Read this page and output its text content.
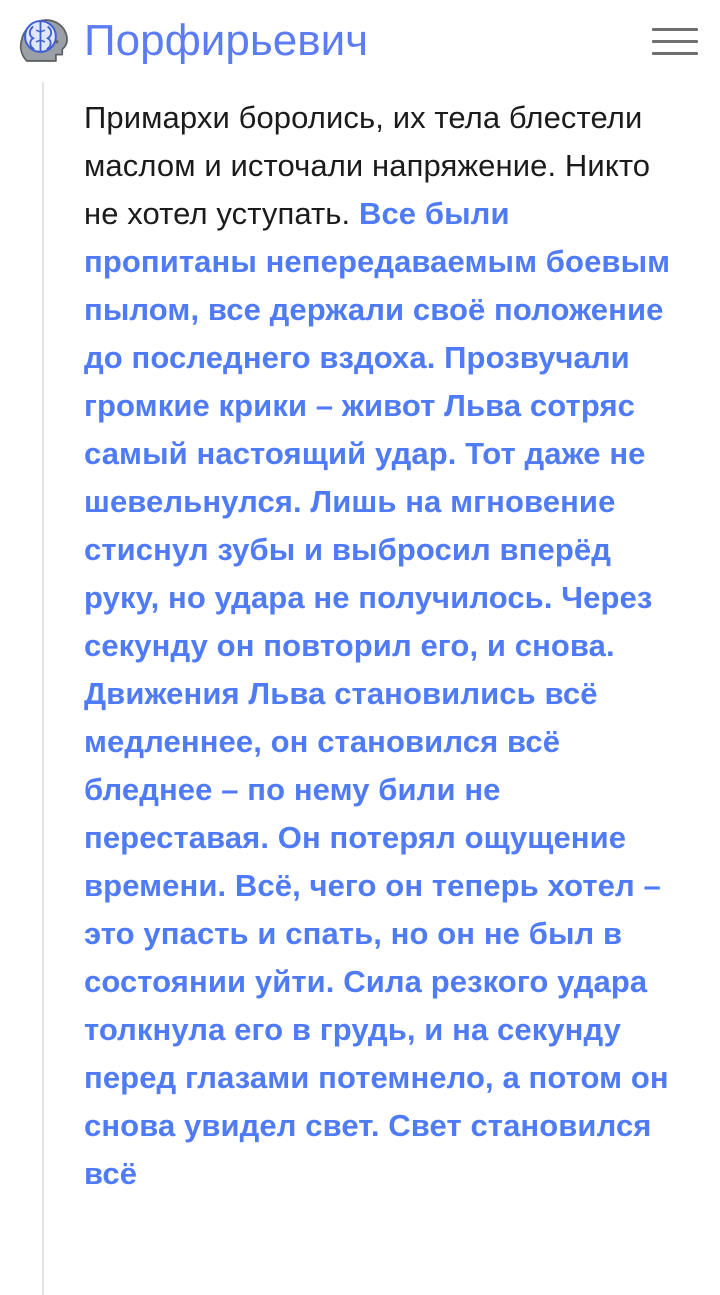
Порфирьевич
Примархи боролись, их тела блестели маслом и источали напряжение. Никто не хотел уступать. Все были пропитаны непередаваемым боевым пылом, все держали своё положение до последнего вздоха. Прозвучали громкие крики – живот Льва сотряс самый настоящий удар. Тот даже не шевельнулся. Лишь на мгновение стиснул зубы и выбросил вперёд руку, но удара не получилось. Через секунду он повторил его, и снова. Движения Льва становились всё медленнее, он становился всё бледнее – по нему били не переставая. Он потерял ощущение времени. Всё, чего он теперь хотел – это упасть и спать, но он не был в состоянии уйти. Сила резкого удара толкнула его в грудь, и на секунду перед глазами потемнело, а потом он снова увидел свет. Свет становился всё
